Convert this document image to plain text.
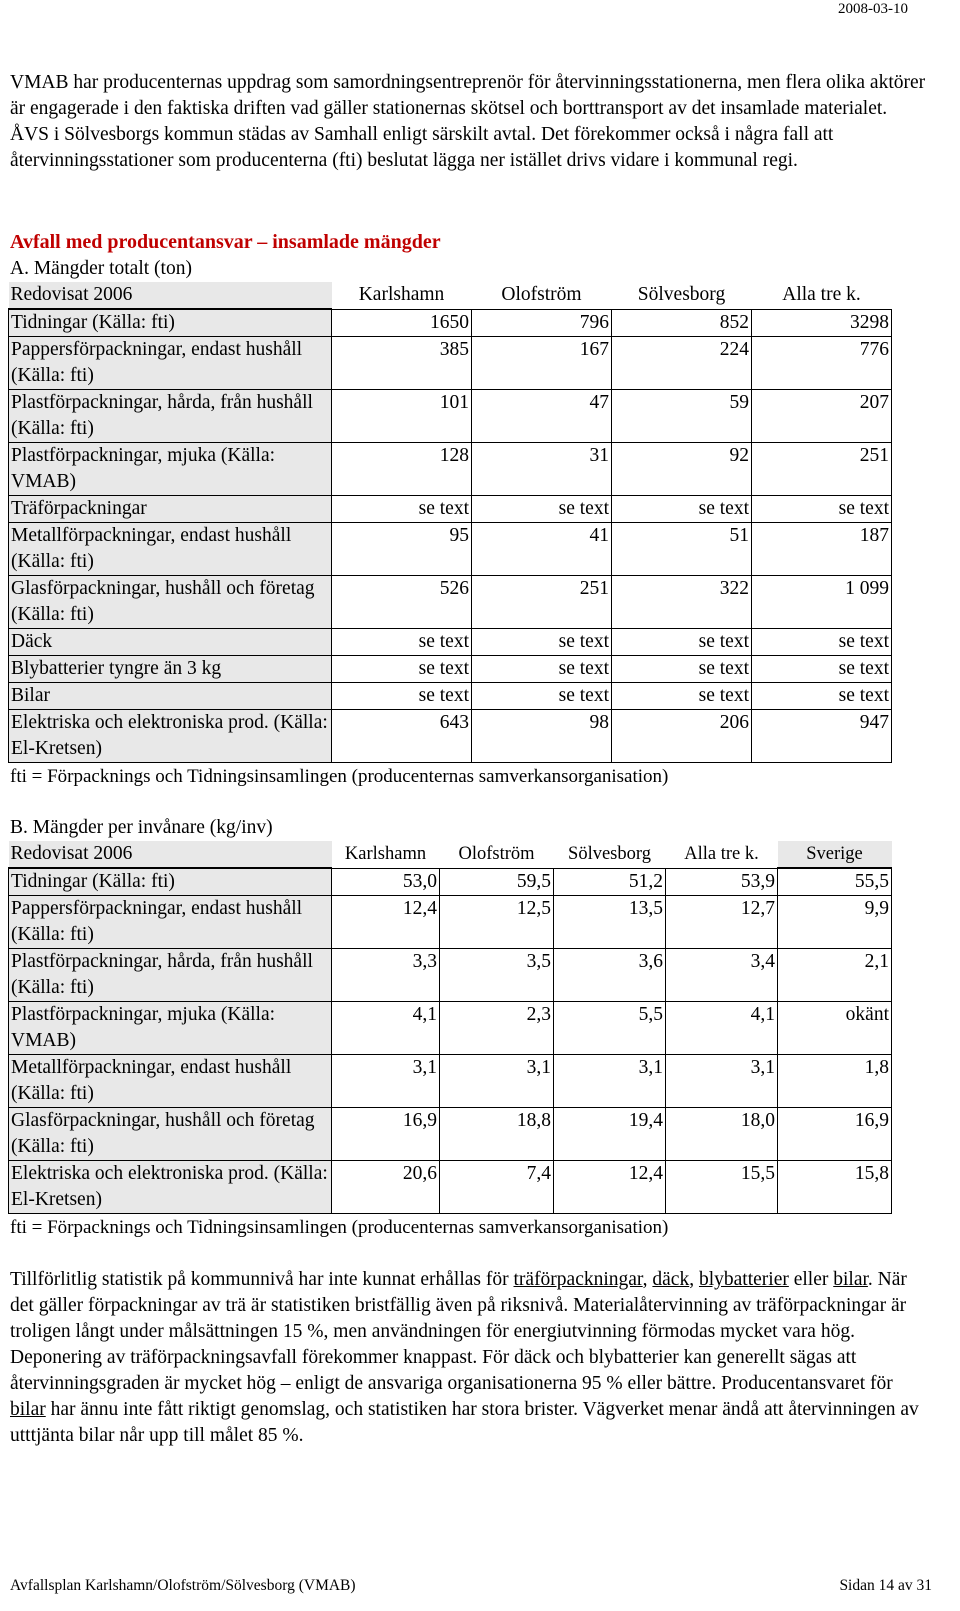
2008-03-10

VMAB har producenternas uppdrag som samordningsentreprenör för återvinningsstationerna, men flera olika aktörer är engagerade i den faktiska driften vad gäller stationernas skötsel och borttransport av det insamlade materialet. ÅVS i Sölvesborgs kommun städas av Samhall enligt särskilt avtal. Det förekommer också i några fall att återvinningsstationer som producenterna (fti) beslutat lägga ner istället drivs vidare i kommunal regi.

Avfall med producentansvar – insamlade mängder

A. Mängder totalt (ton)

Redovisat 2006	Karlshamn	Olofström	Sölvesborg	Alla tre k.
Tidningar (Källa: fti)	1650	796	852	3298
Pappersförpackningar, endast hushåll (Källa: fti)	385	167	224	776
Plastförpackningar, hårda, från hushåll (Källa: fti)	101	47	59	207
Plastförpackningar, mjuka (Källa: VMAB)	128	31	92	251
Träförpackningar	se text	se text	se text	se text
Metallförpackningar, endast hushåll (Källa: fti)	95	41	51	187
Glasförpackningar, hushåll och företag (Källa: fti)	526	251	322	1 099
Däck	se text	se text	se text	se text
Blybatterier tyngre än 3 kg	se text	se text	se text	se text
Bilar	se text	se text	se text	se text
Elektriska och elektroniska prod. (Källa: El-Kretsen)	643	98	206	947

fti = Förpacknings och Tidningsinsamlingen (producenternas samverkansorganisation)

B. Mängder per invånare (kg/inv)

Redovisat 2006	Karlshamn	Olofström	Sölvesborg	Alla tre k.	Sverige
Tidningar (Källa: fti)	53,0	59,5	51,2	53,9	55,5
Pappersförpackningar, endast hushåll (Källa: fti)	12,4	12,5	13,5	12,7	9,9
Plastförpackningar, hårda, från hushåll (Källa: fti)	3,3	3,5	3,6	3,4	2,1
Plastförpackningar, mjuka (Källa: VMAB)	4,1	2,3	5,5	4,1	okänt
Metallförpackningar, endast hushåll (Källa: fti)	3,1	3,1	3,1	3,1	1,8
Glasförpackningar, hushåll och företag (Källa: fti)	16,9	18,8	19,4	18,0	16,9
Elektriska och elektroniska prod. (Källa: El-Kretsen)	20,6	7,4	12,4	15,5	15,8

fti = Förpacknings och Tidningsinsamlingen (producenternas samverkansorganisation)

Tillförlitlig statistik på kommunnivå har inte kunnat erhållas för träförpackningar, däck, blybatterier eller bilar. När det gäller förpackningar av trä är statistiken bristfällig även på riksnivå. Materialåtervinning av träförpackningar är troligen långt under målsättningen 15 %, men användningen för energiutvinning förmodas mycket vara hög. Deponering av träförpackningsavfall förekommer knappast. För däck och blybatterier kan generellt sägas att återvinningsgraden är mycket hög – enligt de ansvariga organisationerna 95 % eller bättre. Producentansvaret för bilar har ännu inte fått riktigt genomslag, och statistiken har stora brister. Vägverket menar ändå att återvinningen av utttjänta bilar når upp till målet 85 %.

Avfallsplan Karlshamn/Olofström/Sölvesborg (VMAB)	Sidan 14 av 31
